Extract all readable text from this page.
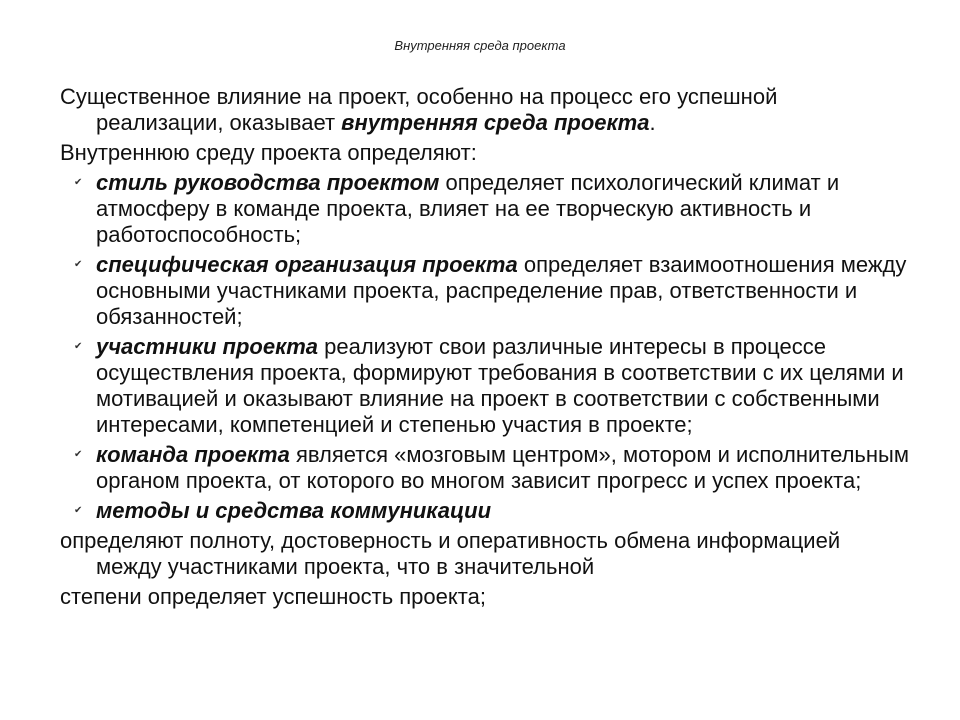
Внутренняя среда проекта

Существенное влияние на проект, особенно на процесс его успешной реализации, оказывает внутренняя среда проекта.

Внутреннюю среду проекта определяют:

✔ стиль руководства проектом определяет психологический климат и атмосферу в команде проекта, влияет на ее творческую активность и работоспособность;
✔ специфическая организация проекта определяет взаимоотношения между основными участниками проекта, распределение прав, ответственности и обязанностей;
✔ участники проекта реализуют свои различные интересы в процессе осуществления проекта, формируют требования в соответствии с их целями и мотивацией и оказывают влияние на проект в соответствии с собственными интересами, компетенцией и степенью участия в проекте;
✔ команда проекта является «мозговым центром», мотором и исполнительным органом проекта, от которого во многом зависит прогресс и успех проекта;
✔ методы и средства коммуникации

определяют полноту, достоверность и оперативность обмена информацией между участниками проекта, что в значительной

степени определяет успешность проекта;
